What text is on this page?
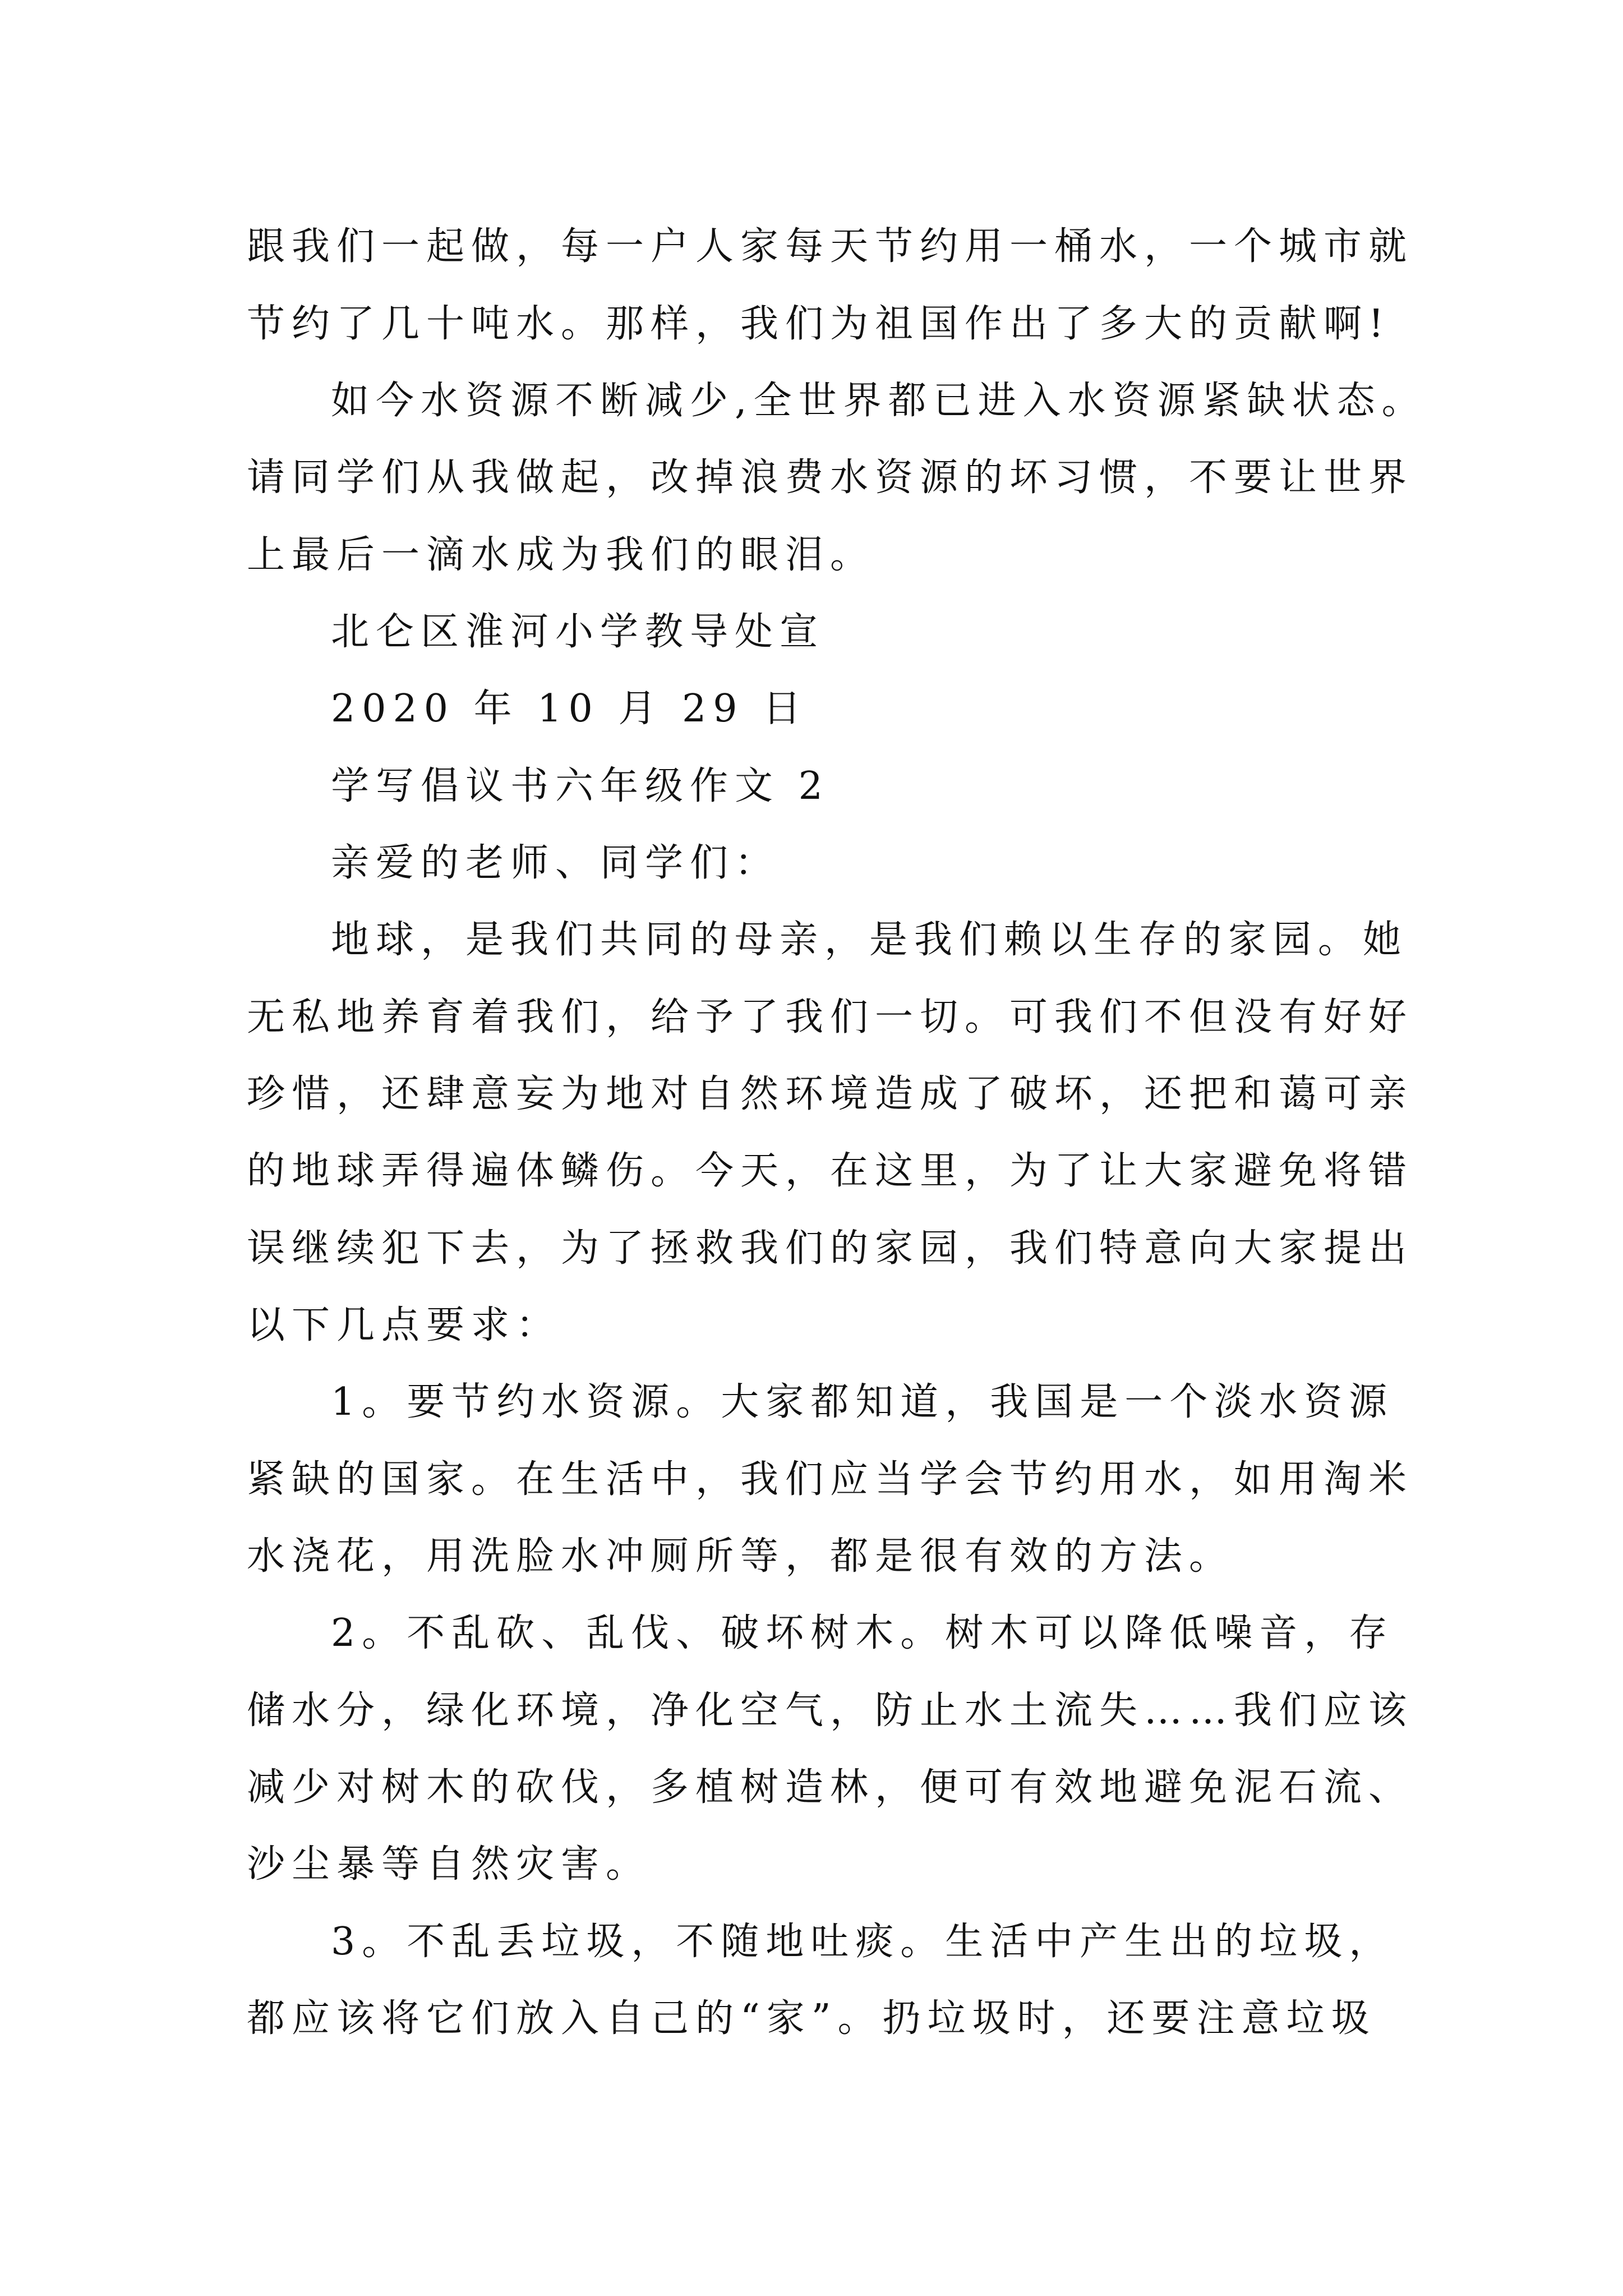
跟我们一起做，每一户人家每天节约用一桶水，一个城市就
节约了几十吨水。那样，我们为祖国作出了多大的贡献啊!
如今水资源不断减少,全世界都已进入水资源紧缺状态。
请同学们从我做起，改掉浪费水资源的坏习惯，不要让世界
上最后一滴水成为我们的眼泪。
北仑区淮河小学教导处宣
2020 年 10 月 29 日
学写倡议书六年级作文 2
亲爱的老师、同学们：
地球，是我们共同的母亲，是我们赖以生存的家园。她
无私地养育着我们，给予了我们一切。可我们不但没有好好
珍惜，还肆意妄为地对自然环境造成了破坏，还把和蔼可亲
的地球弄得遍体鳞伤。今天，在这里，为了让大家避免将错
误继续犯下去，为了拯救我们的家园，我们特意向大家提出
以下几点要求：
1。要节约水资源。大家都知道，我国是一个淡水资源
紧缺的国家。在生活中，我们应当学会节约用水，如用淘米
水浇花，用洗脸水冲厕所等，都是很有效的方法。
2。不乱砍、乱伐、破坏树木。树木可以降低噪音，存
储水分，绿化环境，净化空气，防止水土流失……我们应该
减少对树木的砍伐，多植树造林，便可有效地避免泥石流、
沙尘暴等自然灾害。
3。不乱丢垃圾，不随地吐痰。生活中产生出的垃圾，
都应该将它们放入自己的“家”。扔垃圾时，还要注意垃圾
